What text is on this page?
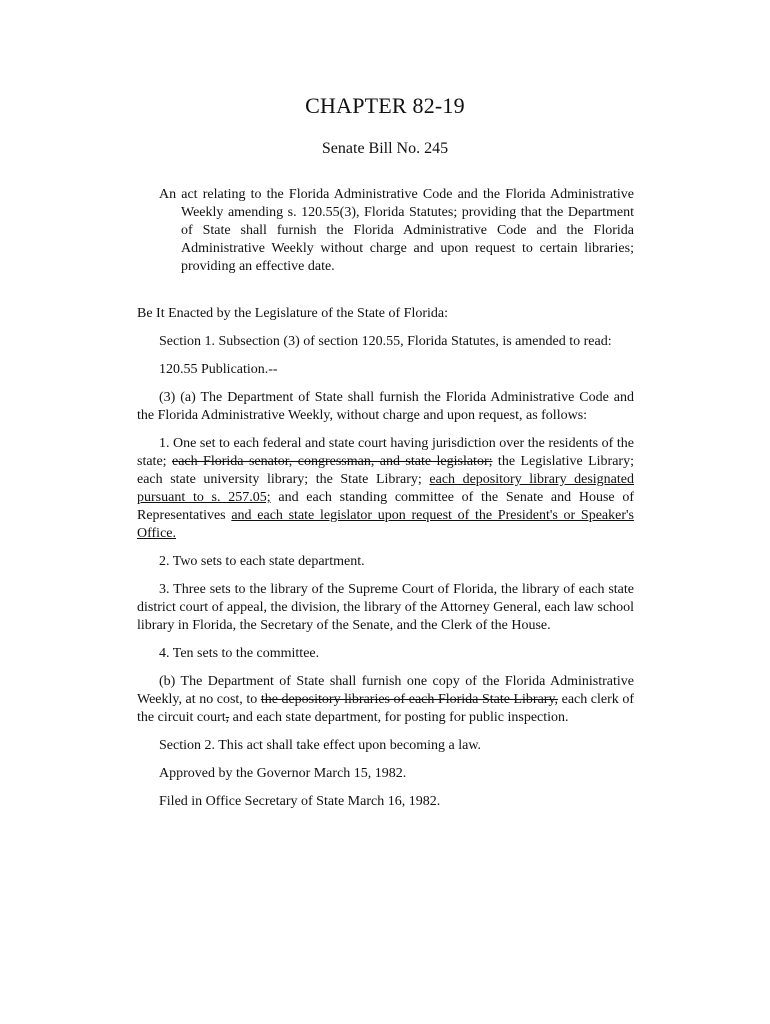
CHAPTER 82-19
Senate Bill No. 245

An act relating to the Florida Administrative Code and the Florida Administrative Weekly amending s. 120.55(3), Florida Statutes; providing that the Department of State shall furnish the Florida Administrative Code and the Florida Administrative Weekly without charge and upon request to certain libraries; providing an effective date.

Be It Enacted by the Legislature of the State of Florida:

Section 1. Subsection (3) of section 120.55, Florida Statutes, is amended to read:

120.55 Publication.--

(3) (a) The Department of State shall furnish the Florida Administrative Code and the Florida Administrative Weekly, without charge and upon request, as follows:

1. One set to each federal and state court having jurisdiction over the residents of the state; each Florida senator, congressman, and state legislator; the Legislative Library; each state university library; the State Library; each depository library designated pursuant to s. 257.05; and each standing committee of the Senate and House of Representatives and each state legislator upon request of the President's or Speaker's Office.

2. Two sets to each state department.

3. Three sets to the library of the Supreme Court of Florida, the library of each state district court of appeal, the division, the library of the Attorney General, each law school library in Florida, the Secretary of the Senate, and the Clerk of the House.

4. Ten sets to the committee.

(b) The Department of State shall furnish one copy of the Florida Administrative Weekly, at no cost, to the depository libraries of each Florida State Library, each clerk of the circuit court, and each state department, for posting for public inspection.

Section 2. This act shall take effect upon becoming a law.

Approved by the Governor March 15, 1982.

Filed in Office Secretary of State March 16, 1982.
